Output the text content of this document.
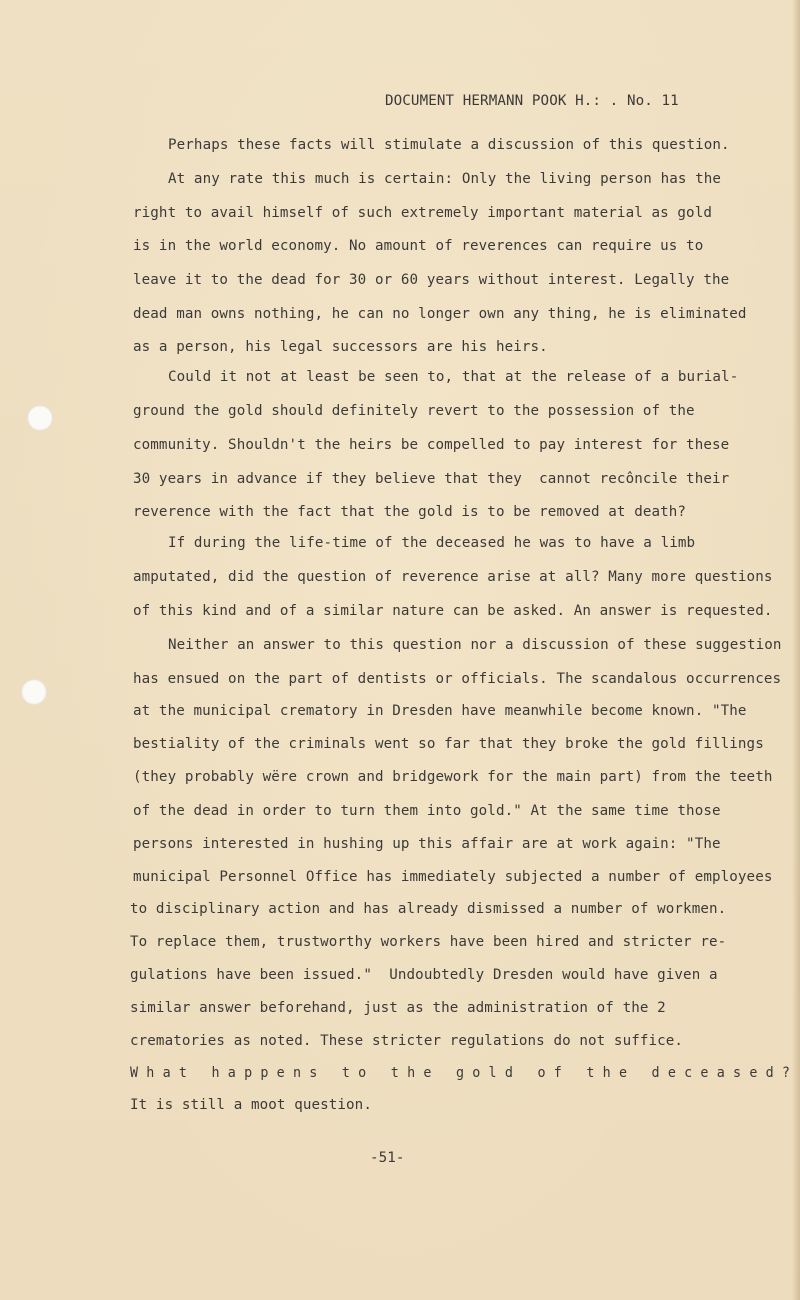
DOCUMENT HERMANN POOK H.: . No. 11
Perhaps these facts will stimulate a discussion of this question.
At any rate this much is certain: Only the living person has the
right to avail himself of such extremely important material as gold
is in the world economy. No amount of reverences can require us to
leave it to the dead for 30 or 60 years without interest. Legally the
dead man owns nothing, he can no longer own any thing, he is eliminated
as a person, his legal successors are his heirs.
Could it not at least be seen to, that at the release of a burial-
ground the gold should definitely revert to the possession of the
community. Shouldn't the heirs be compelled to pay interest for these
30 years in advance if they believe that they  cannot recôncile their
reverence with the fact that the gold is to be removed at death?
If during the life-time of the deceased he was to have a limb
amputated, did the question of reverence arise at all? Many more questions
of this kind and of a similar nature can be asked. An answer is requested.
Neither an answer to this question nor a discussion of these suggestion
has ensued on the part of dentists or officials. The scandalous occurrences
at the municipal crematory in Dresden have meanwhile become known. "The
bestiality of the criminals went so far that they broke the gold fillings
(they probably wëre crown and bridgework for the main part) from the teeth
of the dead in order to turn them into gold." At the same time those
persons interested in hushing up this affair are at work again: "The
municipal Personnel Office has immediately subjected a number of employees
to disciplinary action and has already dismissed a number of workmen.
To replace them, trustworthy workers have been hired and stricter re-
gulations have been issued."  Undoubtedly Dresden would have given a
similar answer beforehand, just as the administration of the 2
crematories as noted. These stricter regulations do not suffice.
W h a t   h a p p e n s   t o   t h e   g o l d   o f   t h e   d e c e a s e d ?
It is still a moot question.
-51-
